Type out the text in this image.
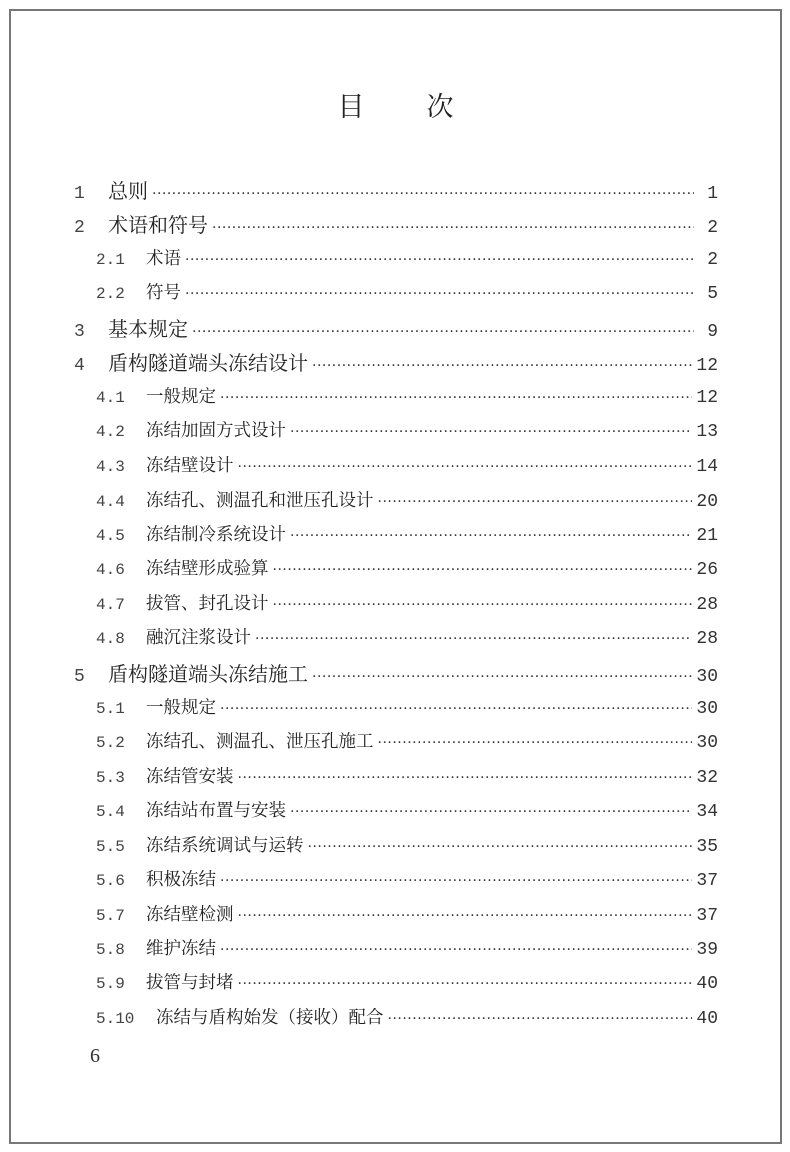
目次
1	总则 ·····	1
2	术语和符号 ·····	2
2.1	术语 ·····	2
2.2	符号 ·····	5
3	基本规定 ·····	9
4	盾构隧道端头冻结设计 ·····	12
4.1	一般规定 ·····	12
4.2	冻结加固方式设计 ·····	13
4.3	冻结壁设计 ·····	14
4.4	冻结孔、测温孔和泄压孔设计 ·····	20
4.5	冻结制冷系统设计 ·····	21
4.6	冻结壁形成验算 ·····	26
4.7	拔管、封孔设计 ·····	28
4.8	融沉注浆设计 ·····	28
5	盾构隧道端头冻结施工 ·····	30
5.1	一般规定 ·····	30
5.2	冻结孔、测温孔、泄压孔施工 ·····	30
5.3	冻结管安装 ·····	32
5.4	冻结站布置与安装 ·····	34
5.5	冻结系统调试与运转 ·····	35
5.6	积极冻结 ·····	37
5.7	冻结壁检测 ·····	37
5.8	维护冻结 ·····	39
5.9	拔管与封堵 ·····	40
5.10	冻结与盾构始发（接收）配合 ·····	40
6
